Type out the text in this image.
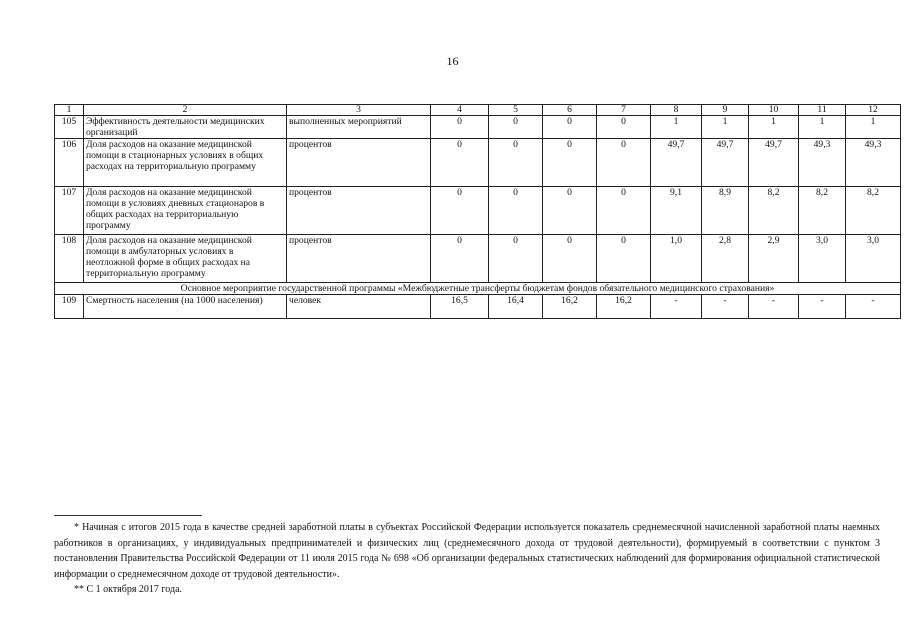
16
1	2	3	4	5	6	7	8	9	10	11	12
105	Эффективность деятельности медицинских организаций	выполненных мероприятий	0	0	0	0	1	1	1	1	1
106	Доля расходов на оказание медицинской помощи в стационарных условиях в общих расходах на территориальную программу	процентов	0	0	0	0	49,7	49,7	49,7	49,3	49,3
107	Доля расходов на оказание медицинской помощи в условиях дневных стационаров в общих расходах на территориальную программу	процентов	0	0	0	0	9,1	8,9	8,2	8,2	8,2
108	Доля расходов на оказание медицинской помощи в амбулаторных условиях в неотложной форме в общих расходах на территориальную программу	процентов	0	0	0	0	1,0	2,8	2,9	3,0	3,0
Основное мероприятие государственной программы «Межбюджетные трансферты бюджетам фондов обязательного медицинского страхования»											
109	Смертность населения (на 1000 населения)	человек	16,5	16,4	16,2	16,2	-	-	-	-	-

* Начиная с итогов 2015 года в качестве средней заработной платы в субъектах Российской Федерации используется показатель среднемесячной начисленной заработной платы наемных работников в организациях, у индивидуальных предпринимателей и физических лиц (среднемесячного дохода от трудовой деятельности), формируемый в соответствии с пунктом 3 постановления Правительства Российской Федерации от 11 июля 2015 года № 698 «Об организации федеральных статистических наблюдений для формирования официальной статистической информации о среднемесячном доходе от трудовой деятельности».

** С 1 октября 2017 года.
